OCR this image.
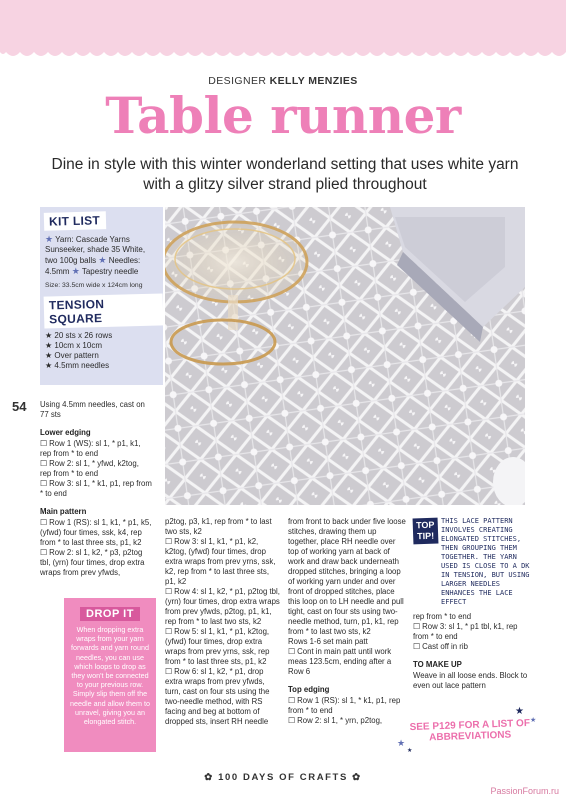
DESIGNER KELLY MENZIES
Table runner
Dine in style with this winter wonderland setting that uses white yarn with a glitzy silver strand plied throughout
KIT LIST
★ Yarn: Cascade Yarns Sunseeker, shade 35 White, two 100g balls ★ Needles: 4.5mm ★ Tapestry needle
Size: 33.5cm wide x 124cm long
TENSION SQUARE
★ 20 sts x 26 rows
★ 10cm x 10cm
★ Over pattern
★ 4.5mm needles
54 Using 4.5mm needles, cast on 77 sts

Lower edging

☐ Row 1 (WS): sl 1, * p1, k1, rep from * to end

☐ Row 2: sl 1, * yfwd, k2tog, rep from * to end

☐ Row 3: sl 1, * k1, p1, rep from * to end

Main pattern

☐ Row 1 (RS): sl 1, k1, * p1, k5, (yfwd) four times, ssk, k4, rep from * to last three sts, p1, k2

☐ Row 2: sl 1, k2, * p3, p2tog tbl, (yrn) four times, drop extra wraps from prev yfwds,

DROP IT
When dropping extra wraps from your yarn forwards and yarn round needles, you can use which loops to drop as they won't be connected to your previous row. Simply slip them off the needle and allow them to unravel, giving you an elongated stitch.

p2tog, p3, k1, rep from * to last two sts, k2

☐ Row 3: sl 1, k1, * p1, k2, k2tog, (yfwd) four times, drop extra wraps from prev yrns, ssk, k2, rep from * to last three sts, p1, k2

☐ Row 4: sl 1, k2, * p1, p2tog tbl, (yrn) four times, drop extra wraps from prev yfwds, p2tog, p1, k1, rep from * to last two sts, k2

☐ Row 5: sl 1, k1, * p1, k2tog, (yfwd) four times, drop extra wraps from prev yrns, ssk, rep from * to last three sts, p1, k2

☐ Row 6: sl 1, k2, * p1, drop extra wraps from prev yfwds, turn, cast on four sts using the two-needle method, with RS facing and beg at bottom of dropped sts, insert RH needle

from front to back under five loose stitches, drawing them up together, place RH needle over top of working yarn at back of work and draw back underneath dropped stitches, bringing a loop of working yarn under and over front of dropped stitches, place this loop on to LH needle and pull tight, cast on four sts using two-needle method, turn, p1, k1, rep from * to last two sts, k2

Rows 1-6 set main patt

☐ Cont in main patt until work meas 123.5cm, ending after a Row 6

Top edging

☐ Row 1 (RS): sl 1, * k1, p1, rep from * to end

☐ Row 2: sl 1, * yrn, p2tog,

TOP
TIP!
THIS LACE PATTERN INVOLVES CREATING ELONGATED STITCHES, THEN GROUPING THEM TOGETHER. THE YARN USED IS CLOSE TO A DK IN TENSION, BUT USING LARGER NEEDLES ENHANCES THE LACE EFFECT

rep from * to end

☐ Row 3: sl 1, * p1 tbl, k1, rep from * to end

☐ Cast off in rib

TO MAKE UP

Weave in all loose ends. Block to even out lace pattern

★
★
★
★
SEE P129 FOR A LIST OF ABBREVIATIONS
✿ 100 DAYS OF CRAFTS ✿
PassionForum.ru
